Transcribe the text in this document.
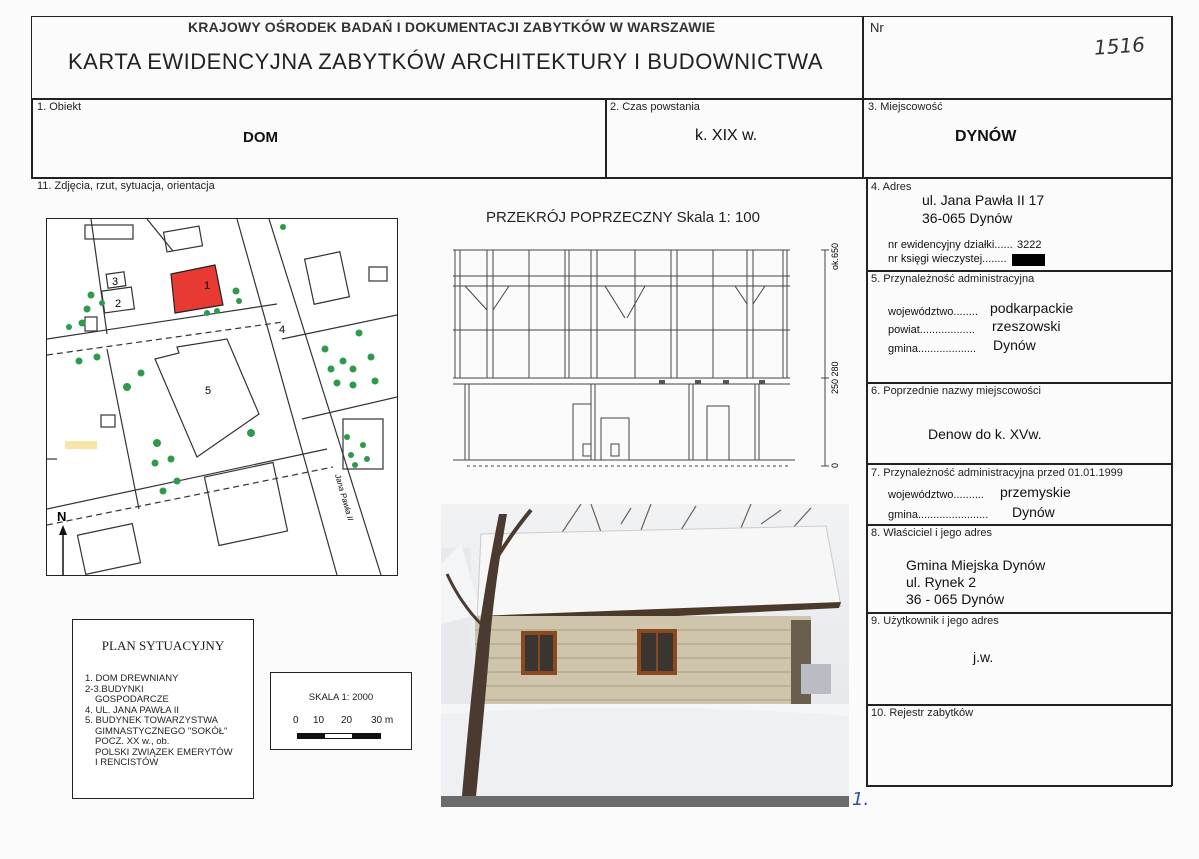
KRAJOWY OŚRODEK BADAŃ I DOKUMENTACJI ZABYTKÓW W WARSZAWIE
KARTA EWIDENCYJNA ZABYTKÓW ARCHITEKTURY I BUDOWNICTWA
Nr
1516
1. Obiekt
DOM
2. Czas powstania
k. XIX w.
3. Miejscowość
DYNÓW
11. Zdjęcia, rzut, sytuacja, orientacja	4. Adres
ul. Jana Pawła II 17
36-065 Dynów
nr ewidencyjny działki...... 3222
nr księgi wieczystej........
5. Przynależność administracyjna
województwo........ podkarpackie
powiat.................. rzeszowski
gmina................... Dynów
6. Poprzednie nazwy miejscowości
Denow do k. XVw.
7. Przynależność administracyjna przed 01.01.1999
województwo.......... przemyskie
gmina....................... Dynów
8. Właściciel i jego adres
Gmina Miejska Dynów
ul. Rynek 2
36 - 065 Dynów
9. Użytkownik i jego adres
j.w.
10. Rejestr zabytków
1
2
3
4
5
Jana Pawła II
N
PRZEKRÓJ POPRZECZNY Skala 1: 100
ok.650
250 280
0
1.
PLAN SYTUACYJNY
1. DOM DREWNIANY
2-3.BUDYNKI
GOSPODARCZE
4. UL. JANA PAWŁA II
5. BUDYNEK TOWARZYSTWA
GIMNASTYCZNEGO "SOKÓŁ"
POCZ. XX w., ob.
POLSKI ZWIĄZEK EMERYTÓW
I RENCISTÓW
SKALA 1: 2000
0 10 20 30 m
